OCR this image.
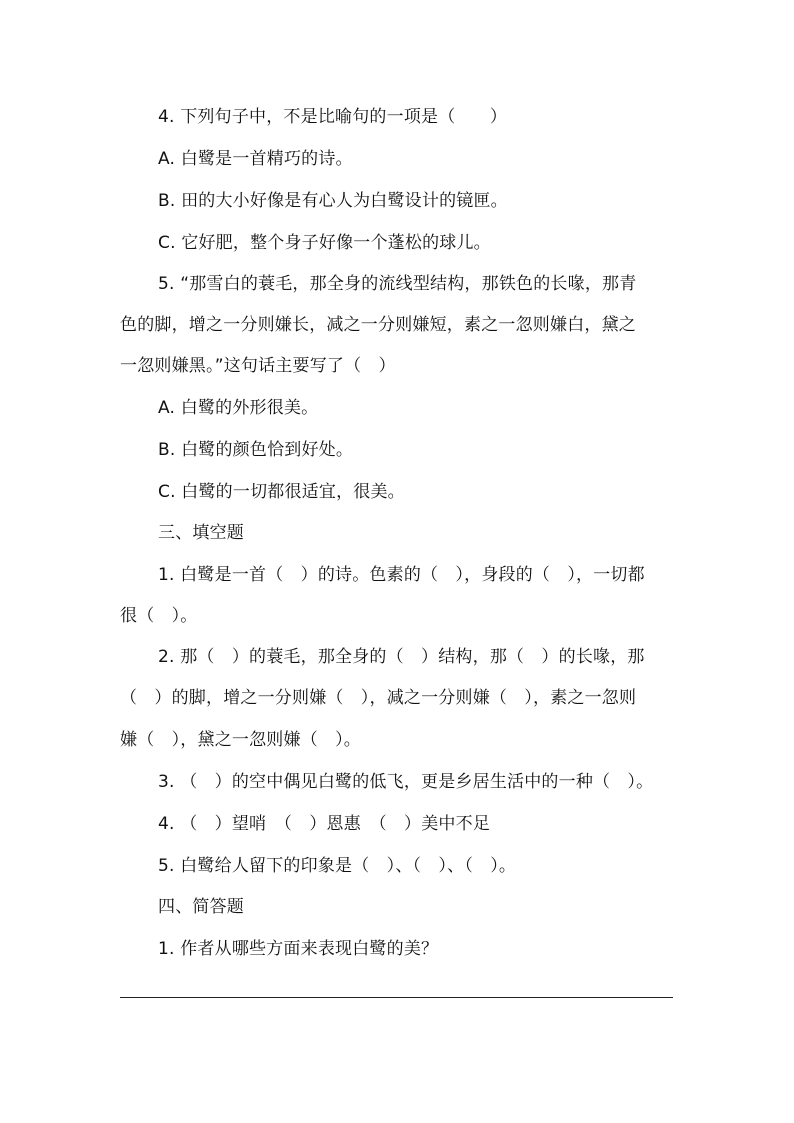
4. 下列句子中，不是比喻句的一项是（　　）
A. 白鹭是一首精巧的诗。
B. 田的大小好像是有心人为白鹭设计的镜匣。
C. 它好肥，整个身子好像一个蓬松的球儿。
5. “那雪白的蓑毛，那全身的流线型结构，那铁色的长喙，那青
色的脚，增之一分则嫌长，减之一分则嫌短，素之一忽则嫌白，黛之
一忽则嫌黑。”这句话主要写了（　）
A. 白鹭的外形很美。
B. 白鹭的颜色恰到好处。
C. 白鹭的一切都很适宜，很美。
三、填空题
1. 白鹭是一首（　）的诗。色素的（　），身段的（　），一切都
很（　）。
2. 那（　）的蓑毛，那全身的（　）结构，那（　）的长喙，那
（　）的脚，增之一分则嫌（　），减之一分则嫌（　），素之一忽则
嫌（　），黛之一忽则嫌（　）。
3. （　）的空中偶见白鹭的低飞，更是乡居生活中的一种（　）。
4. （　）望哨　（　）恩惠　（　）美中不足
5. 白鹭给人留下的印象是（　）、（　）、（　）。
四、简答题
1. 作者从哪些方面来表现白鹭的美？
